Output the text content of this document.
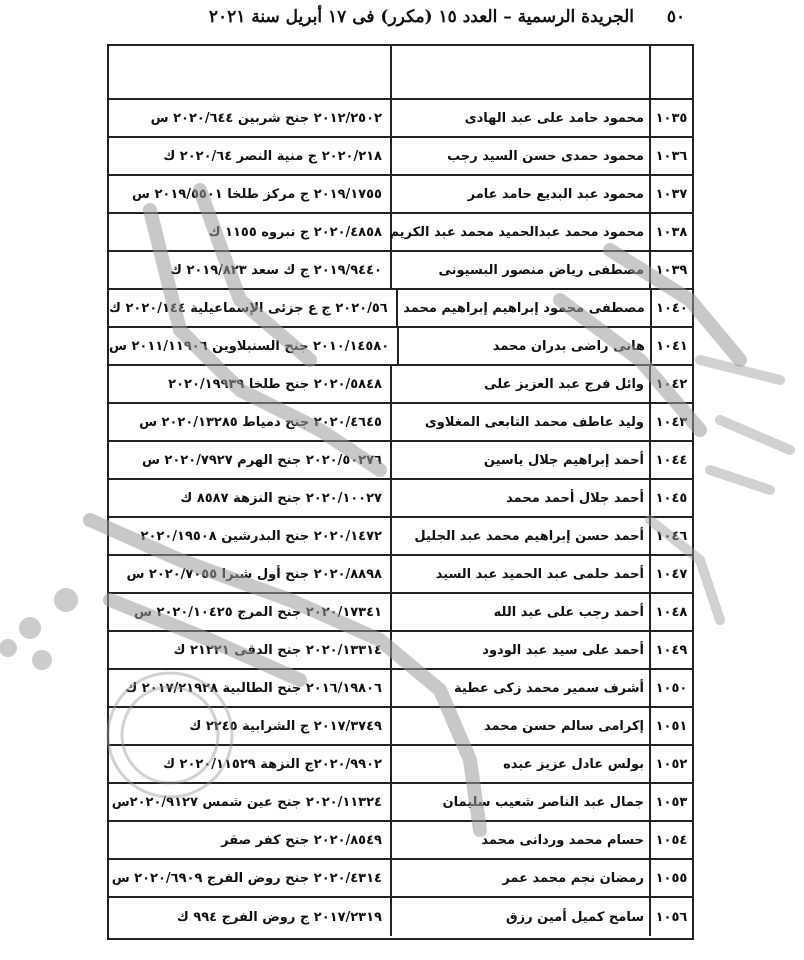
٥٠
الجريدة الرسمية – العدد ١٥ (مكرر) فى ١٧ أبريل سنة ٢٠٢١
١٠٣٥
محمود حامد على عبد الهادى
٢٠١٢/٢٥٠٢ جنح شربين ٢٠٢٠/٦٤٤ س
١٠٣٦
محمود حمدى حسن السيد رجب
٢٠٢٠/٢١٨ ج منية النصر ٢٠٢٠/٦٤ ك
١٠٣٧
محمود عبد البديع حامد عامر
٢٠١٩/١٧٥٥ ج مركز طلخا ٢٠١٩/٥٥٠١ س
١٠٣٨
محمود محمد عبدالحميد محمد عبد الكريم
٢٠٢٠/٤٨٥٨ ج نبروه ١١٥٥ ك
١٠٣٩
مصطفى رياض منصور البسيونى
٢٠١٩/٩٤٤٠ ج ك سعد ٢٠١٩/٨٢٣ ك
١٠٤٠
مصطفى محمود إبراهيم إبراهيم محمد
٢٠٢٠/٥٦ ج ع جزئى الإسماعيلية ٢٠٢٠/١٤٤ ك
١٠٤١
هانى راضى بدران محمد
٢٠١٠/١٤٥٨٠ جنح السنبلاوين ٢٠١١/١١٩٠٦ س
١٠٤٢
وائل فرج عبد العزيز على
٢٠٢٠/٥٨٤٨ جنح طلخا ٢٠٢٠/١٩٩٣٩
١٠٤٣
وليد عاطف محمد التابعى المغلاوى
٢٠٢٠/٤٦٤٥ جنح دمياط ٢٠٢٠/١٣٢٨٥ س
١٠٤٤
أحمد إبراهيم جلال ياسين
٢٠٢٠/٥٠٢٧٦ جنح الهرم ٢٠٢٠/٧٩٢٧ س
١٠٤٥
أحمد جلال أحمد محمد
٢٠٢٠/١٠٠٢٧ جنح النزهة ٨٥٨٧ ك
١٠٤٦
أحمد حسن إبراهيم محمد عبد الجليل
٢٠٢٠/١٤٧٢ جنح البدرشين ٢٠٢٠/١٩٥٠٨
١٠٤٧
أحمد حلمى عبد الحميد عبد السيد
٢٠٢٠/٨٨٩٨ جنح أول شبرا ٢٠٢٠/٧٠٥٥ س
١٠٤٨
أحمد رجب على عبد الله
٢٠٢٠/١٧٣٤١ جنح المرج ٢٠٢٠/١٠٤٢٥ س
١٠٤٩
أحمد على سيد عبد الودود
٢٠٢٠/١٣٣١٤ جنح الدقى ٢١٢٢١ ك
١٠٥٠
أشرف سمير محمد زكى عطية
٢٠١٦/١٩٨٠٦ جنح الطالبية ٢٠١٧/٢١٩٢٨ ك
١٠٥١
إكرامى سالم حسن محمد
٢٠١٧/٣٧٤٩ ج الشرابية ٢٢٤٥ ك
١٠٥٢
بولس عادل عزيز عبده
٢٠٢٠/٩٩٠٢ج النزهة ٢٠٢٠/١١٥٢٩ ك
١٠٥٣
جمال عبد الناصر شعيب سليمان
٢٠٢٠/١١٣٢٤ جنح عين شمس ٢٠٢٠/٩١٢٧س
١٠٥٤
حسام محمد وردانى محمد
٢٠٢٠/٨٥٤٩ جنح كفر صقر
١٠٥٥
رمضان نجم محمد عمر
٢٠٢٠/٤٣١٤ جنح روض الفرج ٢٠٢٠/٦٩٠٩ س
١٠٥٦
سامح كميل أمين رزق
٢٠١٧/٢٣١٩ ج روض الفرج ٩٩٤ ك
